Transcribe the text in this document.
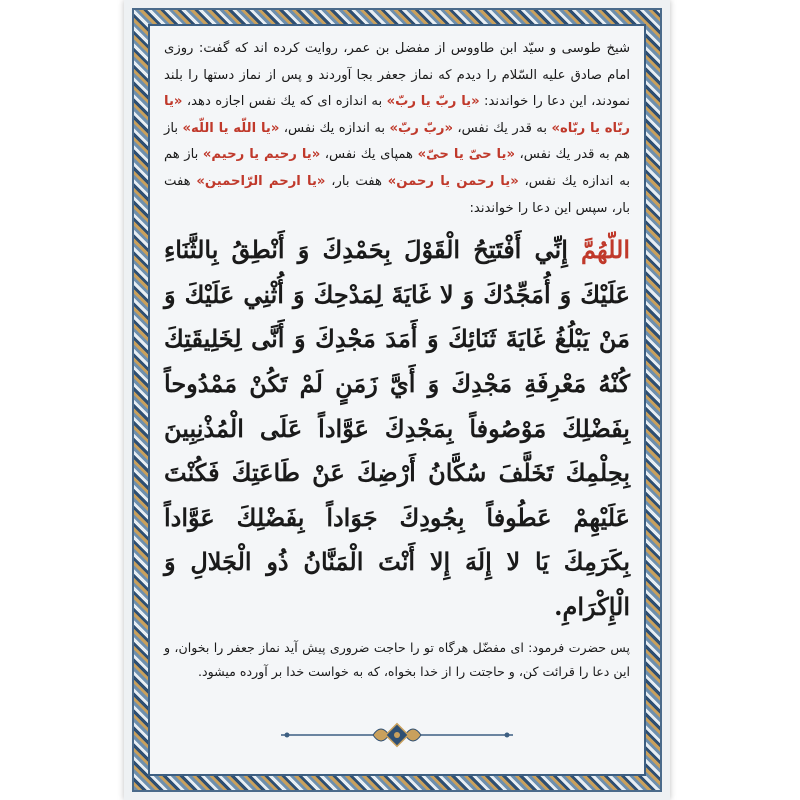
شیخ طوسی و سیّد ابن طاووس از مفضل بن عمر، روایت کرده اند که گفت: روزی امام صادق علیه السّلام را دیدم که نماز جعفر بجا آوردند و پس از نماز دستها را بلند نمودند، این دعا را خواندند: «یا ربّ یا ربّ» به اندازه ای که یك نفس اجازه دهد، «یا ربّاه یا ربّاه» به قدر یك نفس، «ربّ ربّ» به اندازه یك نفس، «یا اللّه یا اللّه» باز هم به قدر یك نفس، «یا حیّ یا حیّ» همپای یك نفس، «یا رحیم یا رحیم» باز هم به اندازه یك نفس، «یا رحمن یا رحمن» هفت بار، «یا ارحم الرّاحمین» هفت بار، سپس این دعا را خواندند:

اللّهُمَّ إِنِّي أَفْتَتِحُ الْقَوْلَ بِحَمْدِكَ وَ أَنْطِقُ بِالثَّنَاءِ عَلَيْكَ وَ أُمَجِّدُكَ وَ لا غَايَةَ لِمَدْحِكَ وَ أُثْنِي عَلَيْكَ وَ مَنْ يَبْلُغُ غَايَةَ ثَنَائِكَ وَ أَمَدَ مَجْدِكَ وَ أَنَّى لِخَلِيقَتِكَ كُنْهُ مَعْرِفَةِ مَجْدِكَ وَ أَيَّ زَمَنٍ لَمْ تَكُنْ مَمْدُوحاً بِفَضْلِكَ مَوْصُوفاً بِمَجْدِكَ عَوَّاداً عَلَى الْمُذْنِبِينَ بِحِلْمِكَ تَخَلَّفَ سُكَّانُ أَرْضِكَ عَنْ طَاعَتِكَ فَكُنْتَ عَلَيْهِمْ عَطُوفاً بِجُودِكَ جَوَاداً بِفَضْلِكَ عَوَّاداً بِكَرَمِكَ يَا لا إِلَهَ إِلا أَنْتَ الْمَنَّانُ ذُو الْجَلالِ وَ الْإِكْرَامِ.

پس حضرت فرمود: ای مفضّل هرگاه تو را حاجت ضروری پیش آید نماز جعفر را بخوان، و این دعا را قرائت کن، و حاجتت را از خدا بخواه، که به خواست خدا بر آورده میشود.
